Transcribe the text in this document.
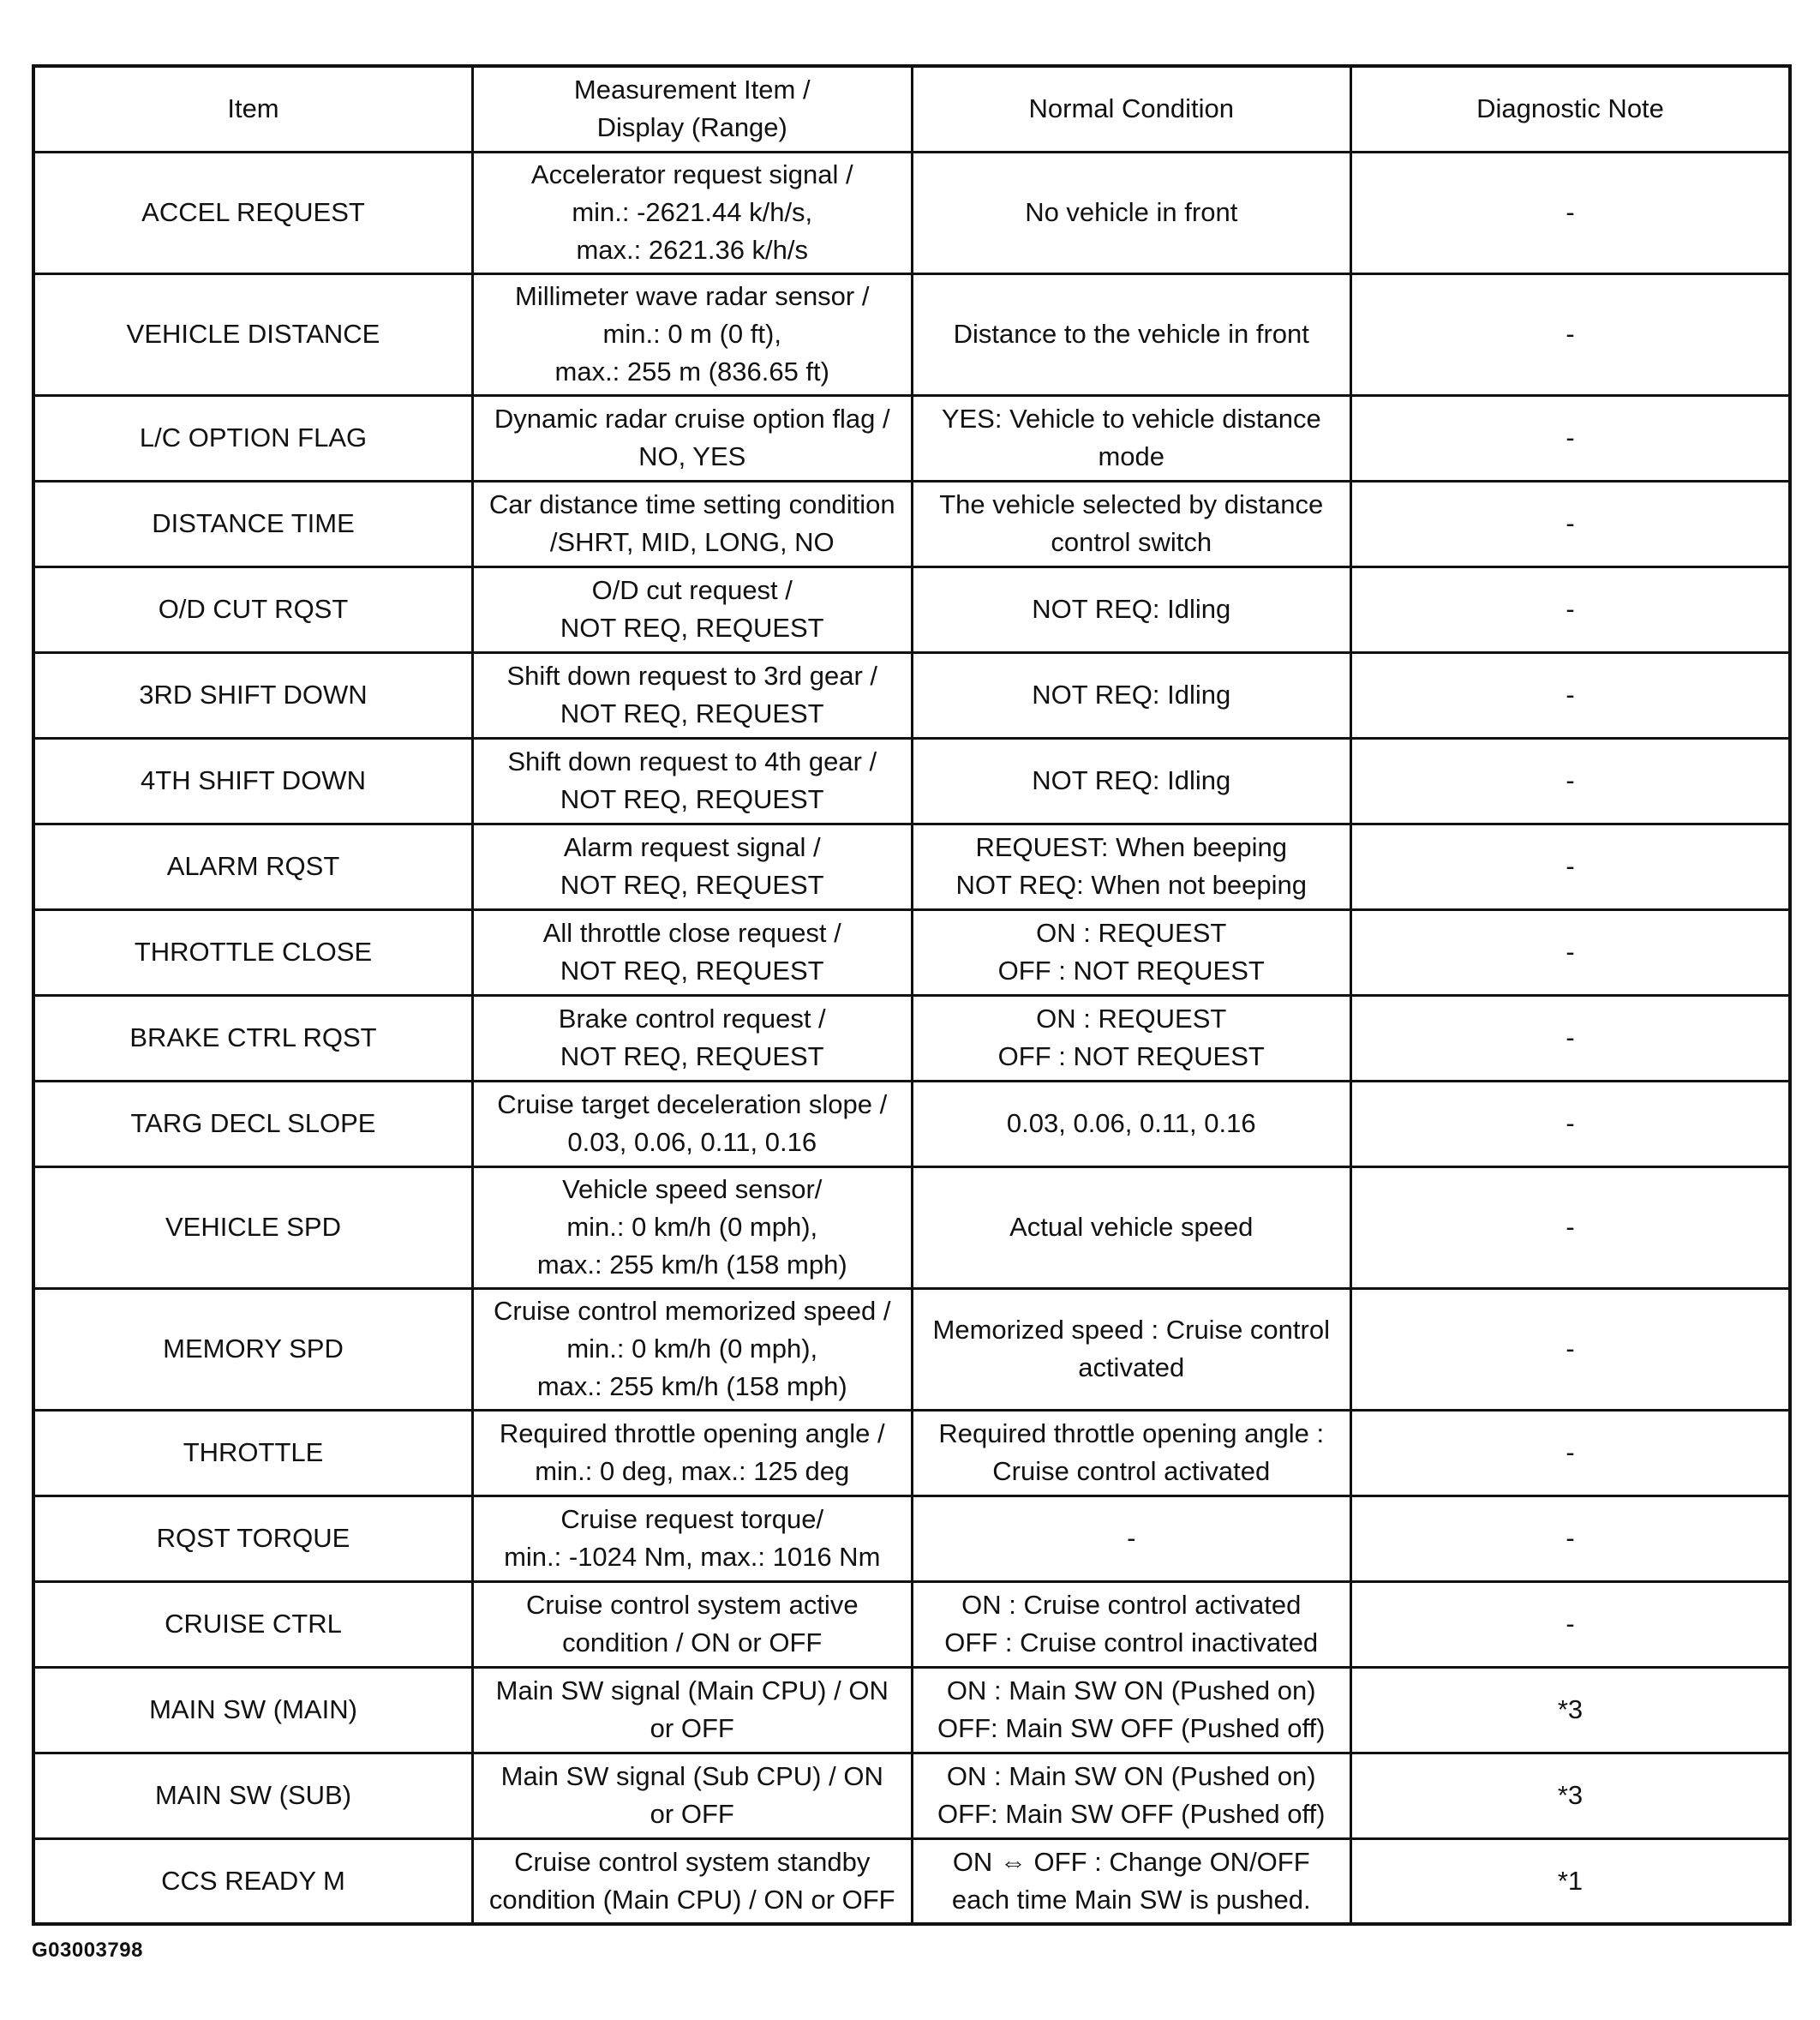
Item	Measurement Item /
Display (Range)	Normal Condition	Diagnostic Note
ACCEL REQUEST	Accelerator request signal /
min.: -2621.44 k/h/s,
max.: 2621.36 k/h/s	No vehicle in front	-
VEHICLE DISTANCE	Millimeter wave radar sensor /
min.: 0 m (0 ft),
max.: 255 m (836.65 ft)	Distance to the vehicle in front	-
L/C OPTION FLAG	Dynamic radar cruise option flag /
NO, YES	YES: Vehicle to vehicle distance
mode	-
DISTANCE TIME	Car distance time setting condition
/SHRT, MID, LONG, NO	The vehicle selected by distance
control switch	-
O/D CUT RQST	O/D cut request /
NOT REQ, REQUEST	NOT REQ: Idling	-
3RD SHIFT DOWN	Shift down request to 3rd gear /
NOT REQ, REQUEST	NOT REQ: Idling	-
4TH SHIFT DOWN	Shift down request to 4th gear /
NOT REQ, REQUEST	NOT REQ: Idling	-
ALARM RQST	Alarm request signal /
NOT REQ, REQUEST	REQUEST: When beeping
NOT REQ: When not beeping	-
THROTTLE CLOSE	All throttle close request /
NOT REQ, REQUEST	ON : REQUEST
OFF : NOT REQUEST	-
BRAKE CTRL RQST	Brake control request /
NOT REQ, REQUEST	ON : REQUEST
OFF : NOT REQUEST	-
TARG DECL SLOPE	Cruise target deceleration slope /
0.03, 0.06, 0.11, 0.16	0.03, 0.06, 0.11, 0.16	-
VEHICLE SPD	Vehicle speed sensor/
min.: 0 km/h (0 mph),
max.: 255 km/h (158 mph)	Actual vehicle speed	-
MEMORY SPD	Cruise control memorized speed /
min.: 0 km/h (0 mph),
max.: 255 km/h (158 mph)	Memorized speed : Cruise control
activated	-
THROTTLE	Required throttle opening angle /
min.: 0 deg, max.: 125 deg	Required throttle opening angle :
Cruise control activated	-
RQST TORQUE	Cruise request torque/
min.: -1024 Nm, max.: 1016 Nm	-	-
CRUISE CTRL	Cruise control system active
condition / ON or OFF	ON : Cruise control activated
OFF : Cruise control inactivated	-
MAIN SW (MAIN)	Main SW signal (Main CPU) / ON
or OFF	ON : Main SW ON (Pushed on)
OFF: Main SW OFF (Pushed off)	*3
MAIN SW (SUB)	Main SW signal (Sub CPU) / ON
or OFF	ON : Main SW ON (Pushed on)
OFF: Main SW OFF (Pushed off)	*3
CCS READY M	Cruise control system standby
condition (Main CPU) / ON or OFF	ON ⇔ OFF : Change ON/OFF
each time Main SW is pushed.	*1
G03003798
